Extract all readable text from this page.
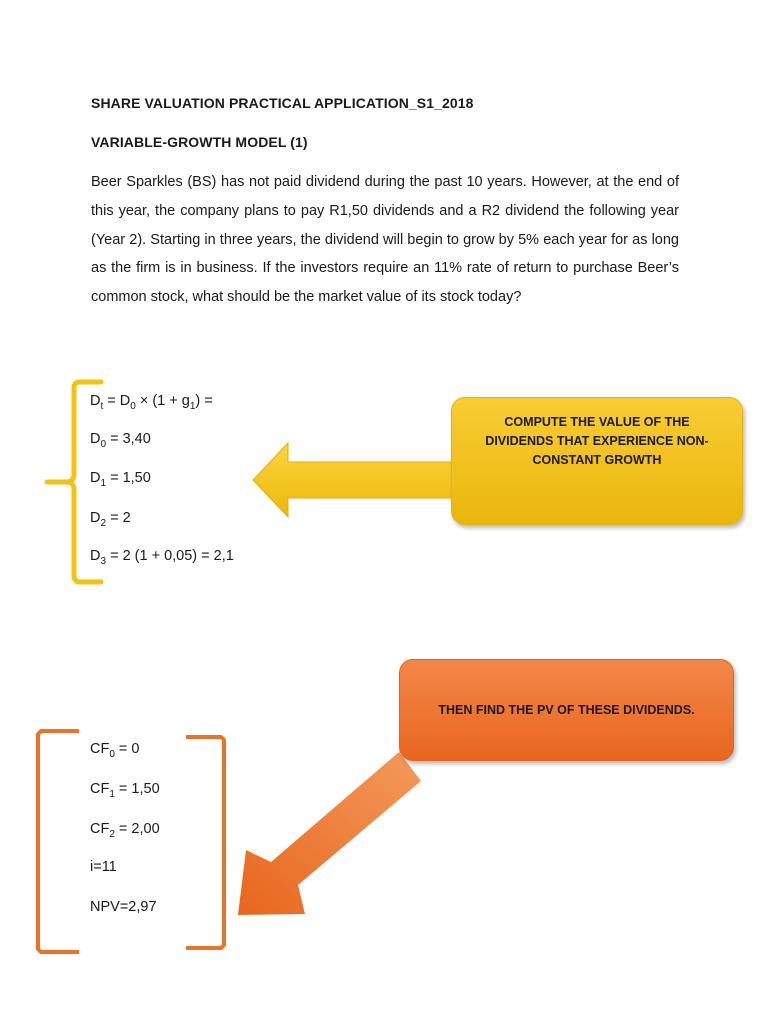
SHARE VALUATION PRACTICAL APPLICATION_S1_2018
VARIABLE-GROWTH MODEL (1)

Beer Sparkles (BS) has not paid dividend during the past 10 years. However, at the end of this year, the company plans to pay R1,50 dividends and a R2 dividend the following year (Year 2). Starting in three years, the dividend will begin to grow by 5% each year for as long as the firm is in business. If the investors require an 11% rate of return to purchase Beer’s common stock, what should be the market value of its stock today?

$D_t = D_0 \times (1 + g_1)$ =
$D_0 = 3,40$
$D_1 = 1,50$
$D_2 = 2$
$D_3 = 2$ (1 + 0,05) = 2,1
$CF_0 = 0$
$CF_1 = 1,50$
$CF_2 = 2,00$
i=11
NPV=2,97
COMPUTE THE VALUE OF THE DIVIDENDS THAT EXPERIENCE NON-CONSTANT GROWTH
THEN FIND THE PV OF THESE DIVIDENDS.
